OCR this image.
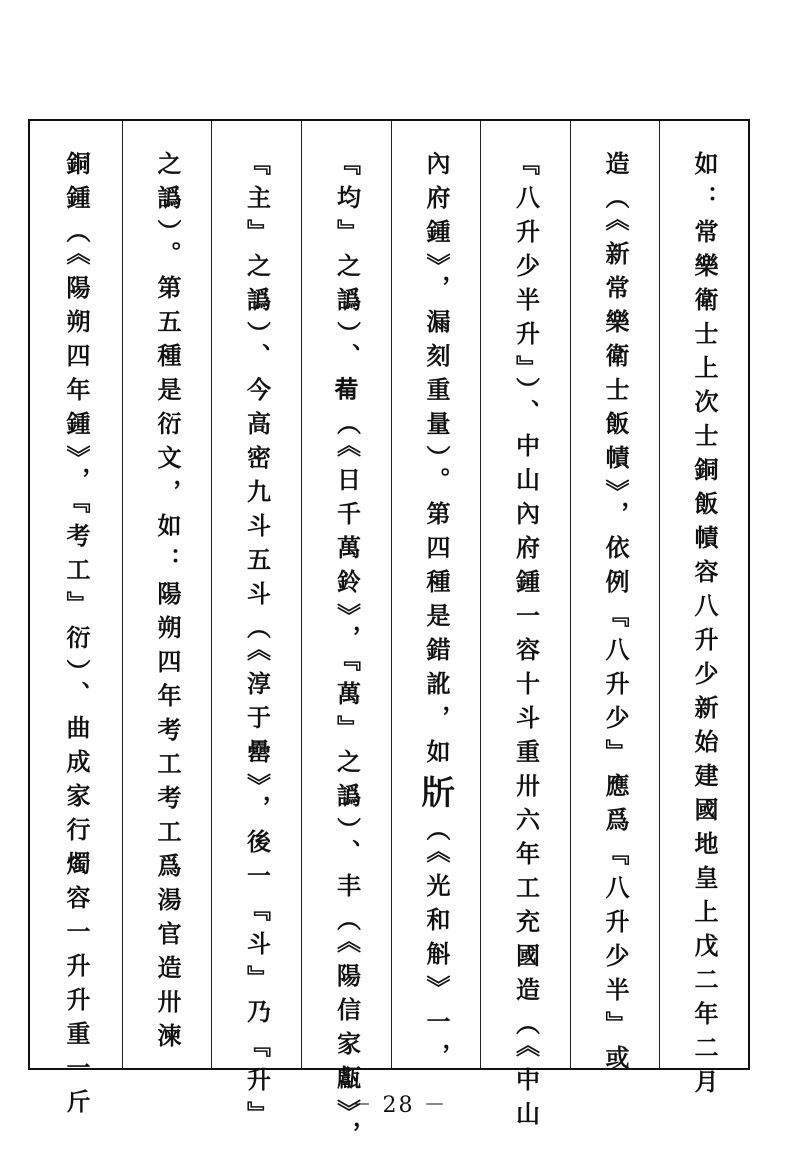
銅鍾（《陽朔四年鍾》，『考工』衍）、曲成家行燭容一升升重一斤	之譌）。第五種是衍文，如：陽朔四年考工考工爲湯官造卅湅	『主』之譌）、今高密九斗五斗（《淳于罍》，後一『斗』乃『升』	『均』之譌）、𤰇（《日千萬鈴》，『萬』之譌）、丰（《陽信家甗》，	內府鍾》，漏刻重量）。第四種是錯訛，如𣂔（《光和斛》一，	『八升少半升』）、中山內府鍾一容十斗重卅六年工充國造（《中山	造（《新常樂衛士飯幘》，依例『八升少』應爲『八升少半』或	如：常樂衛士上次士銅飯幘容八升少新始建國地皇上戊二年二月
－ 28 －
